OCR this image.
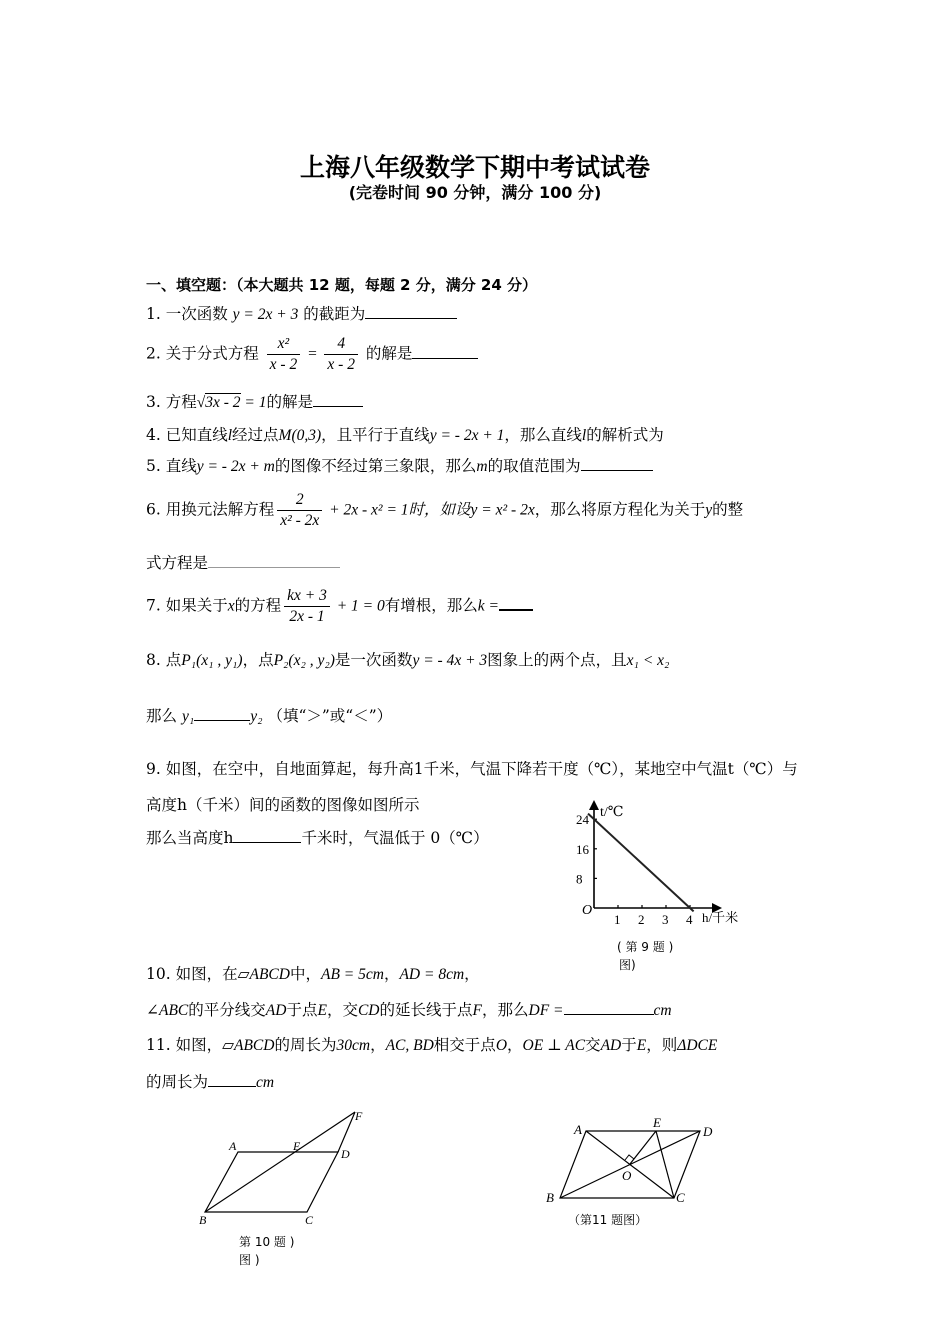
上海八年级数学下期中考试试卷
(完卷时间 90 分钟，满分 100 分)
一、填空题：（本大题共 12 题，每题 2 分，满分 24 分）
1. 一次函数 y = 2x + 3 的截距为
2. 关于分式方程 $\frac{\text{x²}}{x - 2} = \frac{4}{x - 2}$ 的解是
3. 方程√3x - 2 = 1的解是
4. 已知直线l经过点M(0,3)，且平行于直线y = - 2x + 1，那么直线l的解析式为
5. 直线y = - 2x + m的图像不经过第三象限，那么m的取值范围为
6. 用换元法解方程 $\frac{2}{\text{x² - 2x}} + 2x - x^2 = 1$时，如设y = x² - 2x，那么将原方程化为关于y的整
式方程是
7. 如果关于x的方程 $\frac{kx + 3}{2x - 1} + 1 = 0$有增根，那么k =
8. 点P₁(x₁ , y₁)，点P₂(x₂ , y₂)是一次函数y = - 4x + 3图象上的两个点，且x₁ < x₂
那么 y₁	y₂ （填“＞”或“＜”）
9. 如图，在空中，自地面算起，每升高1千米，气温下降若干度（℃），某地空中气温t（℃）与
高度h（千米）间的函数的图像如图所示
那么当高度h	千米时，气温低于 0（℃）
1 2 3 4
8
16
24 t/℃
h/千米
O
( 第 9 题 )
图)
10. 如图，在▱ABCD中，AB = 5cm，AD = 8cm，
∠ABC的平分线交AD于点E，交CD的延长线于点F，那么DF =	cm
11. 如图，▱ABCD的周长为30cm，AC, BD相交于点O，OE ⊥ AC交AD于E，则ΔDCE
的周长为	cm
A	E
D
F
B	C
第 10 题 )
图 )
A	E
D
B	C
O
（第11 题图）
